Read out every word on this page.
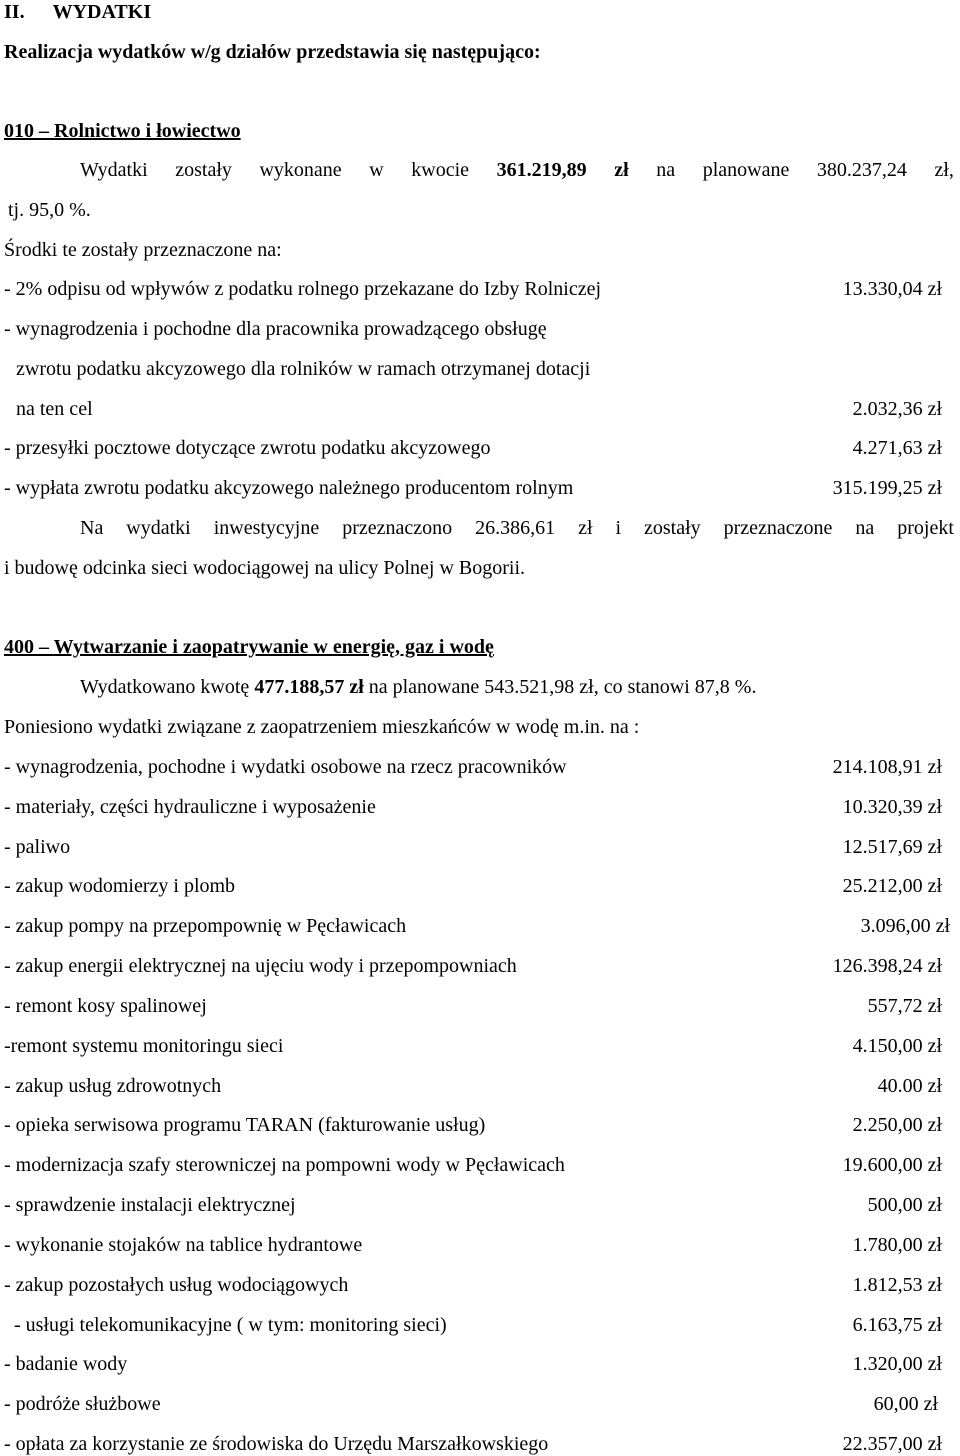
II. WYDATKI
Realizacja wydatków w/g działów przedstawia się następująco:
010 – Rolnictwo i łowiectwo
Wydatki zostały wykonane w kwocie 361.219,89 zł na planowane 380.237,24 zł,
tj. 95,0 %.
Środki te zostały przeznaczone na:
- 2% odpisu od wpływów z podatku rolnego przekazane do Izby Rolniczej	13.330,04 zł
- wynagrodzenia i pochodne dla pracownika prowadzącego obsługę
zwrotu podatku akcyzowego dla rolników w ramach otrzymanej dotacji
na ten cel	2.032,36 zł
- przesyłki pocztowe dotyczące zwrotu podatku akcyzowego	4.271,63 zł
- wypłata zwrotu podatku akcyzowego należnego producentom rolnym	315.199,25 zł
Na wydatki inwestycyjne przeznaczono 26.386,61 zł i zostały przeznaczone na projekt
i budowę odcinka sieci wodociągowej na ulicy Polnej w Bogorii.
400 – Wytwarzanie i zaopatrywanie w energię, gaz i wodę
Wydatkowano kwotę 477.188,57 zł na planowane 543.521,98 zł, co stanowi 87,8 %.
Poniesiono wydatki związane z zaopatrzeniem mieszkańców w wodę m.in. na :
- wynagrodzenia, pochodne i wydatki osobowe na rzecz pracowników	214.108,91 zł
- materiały, części hydrauliczne i wyposażenie	10.320,39 zł
- paliwo	12.517,69 zł
- zakup wodomierzy i plomb	25.212,00 zł
- zakup pompy na przepompownię w Pęcławicach	3.096,00 zł
- zakup energii elektrycznej na ujęciu wody i przepompowniach	126.398,24 zł
- remont kosy spalinowej	557,72 zł
-remont systemu monitoringu sieci	4.150,00 zł
- zakup usług zdrowotnych	40.00 zł
- opieka serwisowa programu TARAN (fakturowanie usług)	2.250,00 zł
- modernizacja szafy sterowniczej na pompowni wody w Pęcławicach	19.600,00 zł
- sprawdzenie instalacji elektrycznej	500,00 zł
- wykonanie stojaków na tablice hydrantowe	1.780,00 zł
- zakup pozostałych usług wodociągowych	1.812,53 zł
- usługi telekomunikacyjne ( w tym: monitoring sieci)	6.163,75 zł
- badanie wody	1.320,00 zł
- podróże służbowe	60,00 zł
- opłata za korzystanie ze środowiska do Urzędu Marszałkowskiego	22.357,00 zł
